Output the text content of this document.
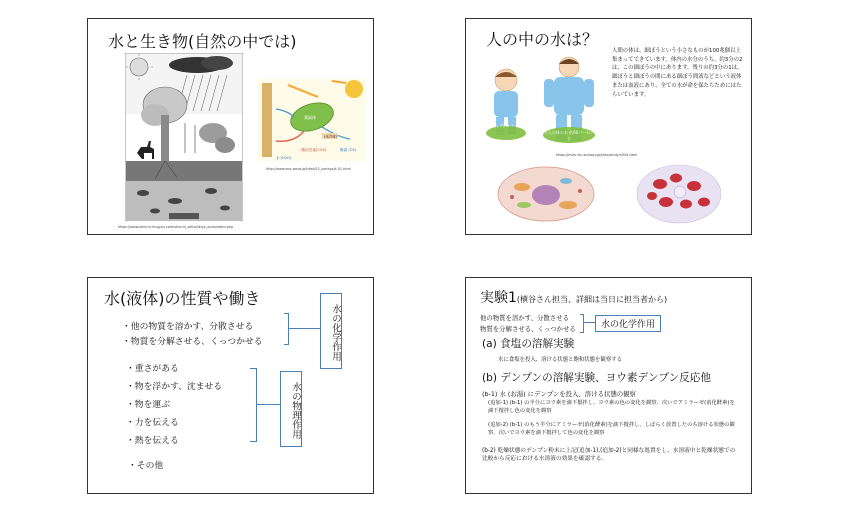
水と生き物(自然の中では)
葉緑体
(光合成)
二酸化炭素(CO2)	酸素 (O2)
水 (H2O)
http://www.eco-word.jp/html/02_kankyo/k-01.html
https://www.shinrin-ringyou.com/shinrin_seitai/ikiyo_ecosystem.php
人の中の水は？
赤ちゃん 約75パーセント
大人の体の水 約60パーセント
人間の体は、細ぼうという小さなものが100兆個以上集まってできています。体内の水分のうち、約3分の2は、この細ぼうの中にあります。残りの約3分の1は、細ぼうと細ぼうの間にある細ぼう間液などという液体または血液にあり、全ての水が命を保たちためにはたらいています。
https://mizu-iku.suntory.jp/kids/study/n004.html
水(液体)の性質や働き
・他の物質を溶かす、分散させる
・物質を分解させる、くっつかせる	水の化学作用
・重さがある
・物を浮かす、沈ませる
・物を運ぶ
・力を伝える
・熱を伝える
水の物理作用
・その他
実験1(横谷さん担当、詳細は当日に担当者から)
他の物質を溶かす、分散させる
物質を分解させる、くっつかせる	水の化学作用
(a) 食塩の溶解実験
水に食塩を投入、溶ける状態と飽和状態を観察する
(b) デンプンの溶解実験、ヨウ素デンプン反応他
(b-1) 水 (お湯) にデンプンを投入、溶ける状態の観察
(追加-1) (b-1) の半分にヨウ素を滴下撹拌し、ヨウ素の色の変化を観察、次いでアミラーゼ(消化酵素)を滴下撹拌し色の変化を観察
(追加-2) (b-1) のもう半分にアミラーゼ(消化酵素)を滴下撹拌し、しばらく放置したのち溶ける状態の観察、次いでヨウ素を滴下撹拌して色の変化を観察
(b-2) 乾燥状態のデンプン粉末に上記(追加-1),(追加-2)と同様な処置をし、水溶液中と乾燥状態での比較から反応における水溶液の効果を確認する。
